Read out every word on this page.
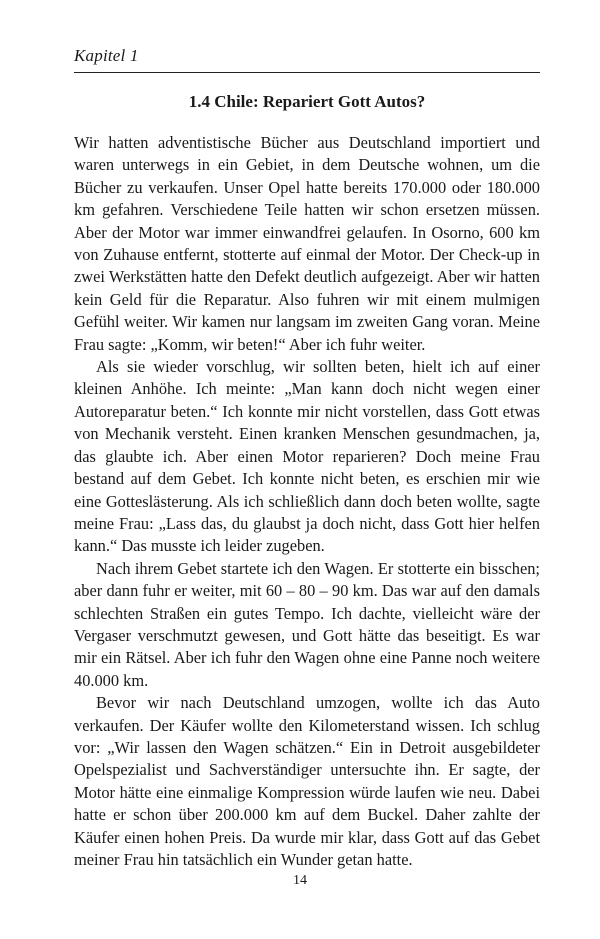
Kapitel 1
1.4 Chile: Repariert Gott Autos?

Wir hatten adventistische Bücher aus Deutschland importiert und waren unterwegs in ein Gebiet, in dem Deutsche wohnen, um die Bücher zu verkaufen. Unser Opel hatte bereits 170.000 oder 180.000 km gefahren. Verschiedene Teile hatten wir schon ersetzen müssen. Aber der Motor war immer einwandfrei gelaufen. In Osorno, 600 km von Zuhause entfernt, stotterte auf einmal der Motor. Der Check-up in zwei Werkstätten hatte den Defekt deutlich aufgezeigt. Aber wir hatten kein Geld für die Reparatur. Also fuhren wir mit einem mulmigen Gefühl weiter. Wir kamen nur langsam im zweiten Gang voran. Meine Frau sagte: „Komm, wir beten!“ Aber ich fuhr weiter.

Als sie wieder vorschlug, wir sollten beten, hielt ich auf einer kleinen Anhöhe. Ich meinte: „Man kann doch nicht wegen einer Autoreparatur beten.“ Ich konnte mir nicht vorstellen, dass Gott etwas von Mechanik versteht. Einen kranken Menschen gesundmachen, ja, das glaubte ich. Aber einen Motor reparieren? Doch meine Frau bestand auf dem Gebet. Ich konnte nicht beten, es erschien mir wie eine Gotteslästerung. Als ich schließlich dann doch beten wollte, sagte meine Frau: „Lass das, du glaubst ja doch nicht, dass Gott hier helfen kann.“ Das musste ich leider zugeben.

Nach ihrem Gebet startete ich den Wagen. Er stotterte ein bisschen; aber dann fuhr er weiter, mit 60 – 80 – 90 km. Das war auf den damals schlechten Straßen ein gutes Tempo. Ich dachte, vielleicht wäre der Vergaser verschmutzt gewesen, und Gott hätte das beseitigt. Es war mir ein Rätsel. Aber ich fuhr den Wagen ohne eine Panne noch weitere 40.000 km.

Bevor wir nach Deutschland umzogen, wollte ich das Auto verkaufen. Der Käufer wollte den Kilometerstand wissen. Ich schlug vor: „Wir lassen den Wagen schätzen.“ Ein in Detroit ausgebildeter Opelspezialist und Sachverständiger untersuchte ihn. Er sagte, der Motor hätte eine einmalige Kompression würde laufen wie neu. Dabei hatte er schon über 200.000 km auf dem Buckel. Daher zahlte der Käufer einen hohen Preis. Da wurde mir klar, dass Gott auf das Gebet meiner Frau hin tatsächlich ein Wunder getan hatte.

14
